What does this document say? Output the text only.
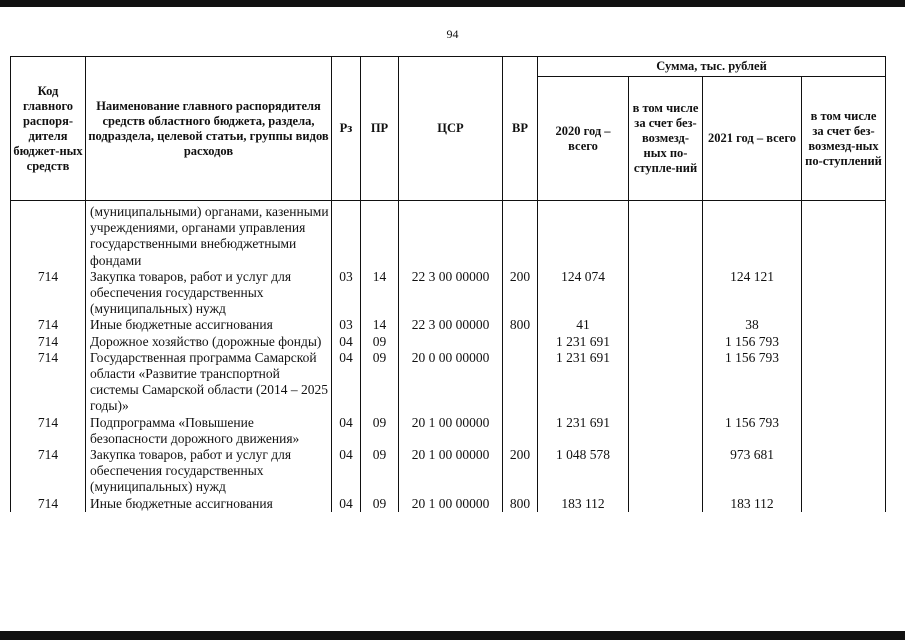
94
Код главного распоря-дителя бюджет-ных средств	Наименование главного распорядителя средств областного бюджета, раздела, подраздела, целевой статьи, группы видов расходов	Рз	ПР	ЦСР	ВР	Сумма, тыс. рублей			
						2020 год – всего	в том числе за счет без-возмезд-ных по-ступле-ний	2021 год – всего	в том числе за счет без-возмезд-ных по-ступлений
	(муниципальными) органами, казенными учреждениями, органами управления государственными внебюджетными фондами								
714	Закупка товаров, работ и услуг для обеспечения государственных (муниципальных) нужд	03	14	22 3 00 00000	200	124 074		124 121	
714	Иные бюджетные ассигнования	03	14	22 3 00 00000	800	41		38	
714	Дорожное хозяйство (дорожные фонды)	04	09			1 231 691		1 156 793	
714	Государственная программа Самарской области «Развитие транспортной системы Самарской области (2014 – 2025 годы)»	04	09	20 0 00 00000		1 231 691		1 156 793	
714	Подпрограмма «Повышение безопасности дорожного движения»	04	09	20 1 00 00000		1 231 691		1 156 793	
714	Закупка товаров, работ и услуг для обеспечения государственных (муниципальных) нужд	04	09	20 1 00 00000	200	1 048 578		973 681	
714	Иные бюджетные ассигнования	04	09	20 1 00 00000	800	183 112		183 112	
